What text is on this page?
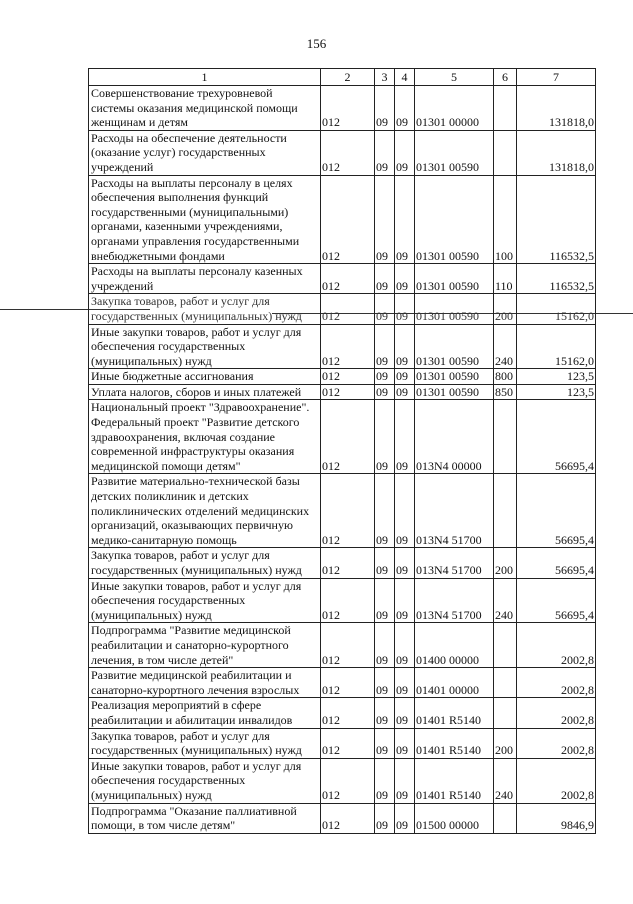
156
1	2	3	4	5	6	7
Совершенствование трехуровневой системы оказания медицинской помощи женщинам и детям	012	09	09	01301 00000		131818,0
Расходы на обеспечение деятельности (оказание услуг) государственных учреждений	012	09	09	01301 00590		131818,0
Расходы на выплаты персоналу в целях обеспечения выполнения функций государственными (муниципальными) органами, казенными учреждениями, органами управления государственными внебюджетными фондами	012	09	09	01301 00590	100	116532,5
Расходы на выплаты персоналу казенных учреждений	012	09	09	01301 00590	110	116532,5
Закупка товаров, работ и услуг для государственных (муниципальных) нужд	012	09	09	01301 00590	200	15162,0
Иные закупки товаров, работ и услуг для обеспечения государственных (муниципальных) нужд	012	09	09	01301 00590	240	15162,0
Иные бюджетные ассигнования	012	09	09	01301 00590	800	123,5
Уплата налогов, сборов и иных платежей	012	09	09	01301 00590	850	123,5
Национальный проект "Здравоохранение". Федеральный проект "Развитие детского здравоохранения, включая создание современной инфраструктуры оказания медицинской помощи детям"	012	09	09	013N4 00000		56695,4
Развитие материально-технической базы детских поликлиник и детских поликлинических отделений медицинских организаций, оказывающих первичную медико-санитарную помощь	012	09	09	013N4 51700		56695,4
Закупка товаров, работ и услуг для государственных (муниципальных) нужд	012	09	09	013N4 51700	200	56695,4
Иные закупки товаров, работ и услуг для обеспечения государственных (муниципальных) нужд	012	09	09	013N4 51700	240	56695,4
Подпрограмма "Развитие медицинской реабилитации и санаторно-курортного лечения, в том числе детей"	012	09	09	01400 00000		2002,8
Развитие медицинской реабилитации и санаторно-курортного лечения взрослых	012	09	09	01401 00000		2002,8
Реализация мероприятий в сфере реабилитации и абилитации инвалидов	012	09	09	01401 R5140		2002,8
Закупка товаров, работ и услуг для государственных (муниципальных) нужд	012	09	09	01401 R5140	200	2002,8
Иные закупки товаров, работ и услуг для обеспечения государственных (муниципальных) нужд	012	09	09	01401 R5140	240	2002,8
Подпрограмма "Оказание паллиативной помощи, в том числе детям"	012	09	09	01500 00000		9846,9
